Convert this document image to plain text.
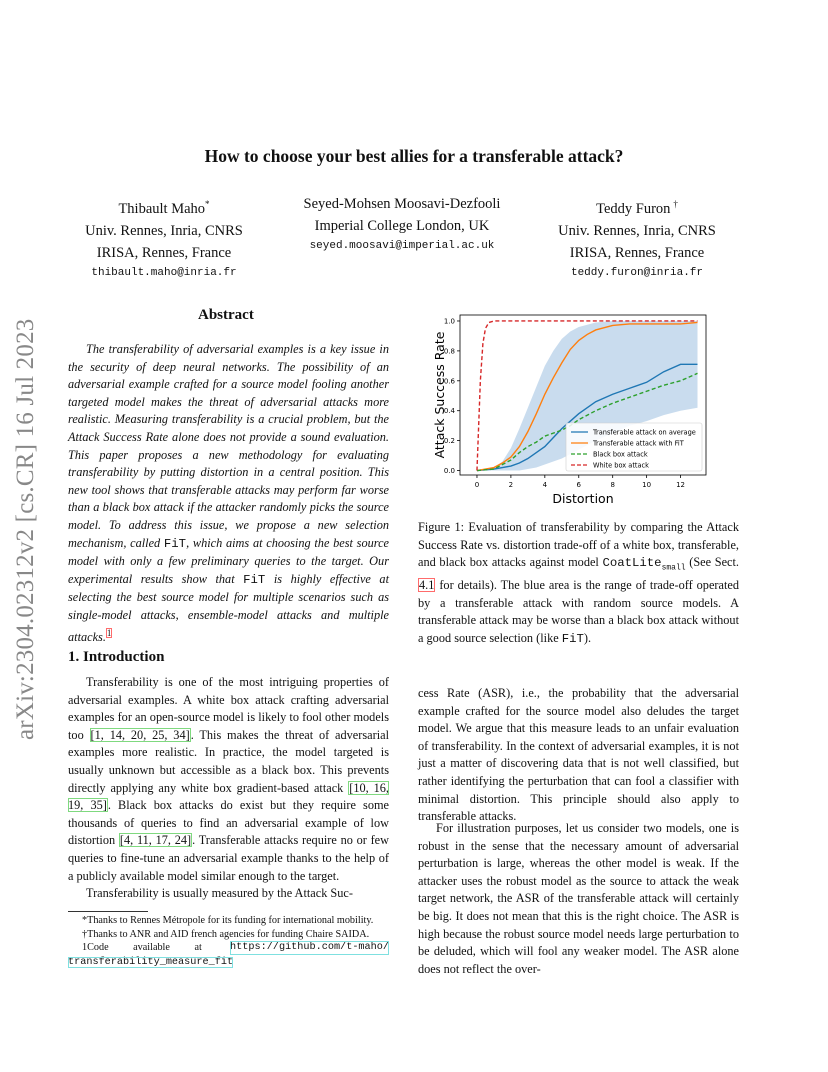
arXiv:2304.02312v2 [cs.CR] 16 Jul 2023
How to choose your best allies for a transferable attack?
Thibault Maho*
Univ. Rennes, Inria, CNRS
IRISA, Rennes, France
thibault.maho@inria.fr
Seyed-Mohsen Moosavi-Dezfooli
Imperial College London, UK
seyed.moosavi@imperial.ac.uk
Teddy Furon †
Univ. Rennes, Inria, CNRS
IRISA, Rennes, France
teddy.furon@inria.fr
Abstract
The transferability of adversarial examples is a key issue in the security of deep neural networks. The possibility of an adversarial example crafted for a source model fooling another targeted model makes the threat of adversarial attacks more realistic. Measuring transferability is a crucial problem, but the Attack Success Rate alone does not provide a sound evaluation. This paper proposes a new methodology for evaluating transferability by putting distortion in a central position. This new tool shows that transferable attacks may perform far worse than a black box attack if the attacker randomly picks the source model. To address this issue, we propose a new selection mechanism, called FiT, which aims at choosing the best source model with only a few preliminary queries to the target. Our experimental results show that FiT is highly effective at selecting the best source model for multiple scenarios such as single-model attacks, ensemble-model attacks and multiple attacks.$^1$
1. Introduction
Transferability is one of the most intriguing properties of adversarial examples. A white box attack crafting adversarial examples for an open-source model is likely to fool other models too [1, 14, 20, 25, 34]. This makes the threat of adversarial examples more realistic. In practice, the model targeted is usually unknown but accessible as a black box. This prevents directly applying any white box gradient-based attack [10, 16, 19, 35]. Black box attacks do exist but they require some thousands of queries to find an adversarial example of low distortion [4, 11, 17, 24]. Transferable attacks require no or few queries to fine-tune an adversarial example thanks to the help of a publicly available model similar enough to the target.
Transferability is usually measured by the Attack Suc-
*Thanks to Rennes Métropole for its funding for international mobility.
†Thanks to ANR and AID french agencies for funding Chaire SAIDA.
1Code available at	https://github.com/t-maho/
transferability_measure_fit
0	2	4	6	8	10	12
0.0
0.2
0.4
0.6
0.8
1.0
Distortion
Attack Success Rate	Transferable attack on average
Transferable attack with FiT
Black box attack
White box attack
Figure 1: Evaluation of transferability by comparing the Attack Success Rate vs. distortion trade-off of a white box, transferable, and black box attacks against model CoatLite$_{small}$ (See Sect. 4.1 for details). The blue area is the range of trade-off operated by a transferable attack with random source models. A transferable attack may be worse than a black box attack without a good source selection (like FiT).
cess Rate (ASR), i.e., the probability that the adversarial example crafted for the source model also deludes the target model. We argue that this measure leads to an unfair evaluation of transferability. In the context of adversarial examples, it is not just a matter of discovering data that is not well classified, but rather identifying the perturbation that can fool a classifier with minimal distortion. This principle should also apply to transferable attacks.
For illustration purposes, let us consider two models, one is robust in the sense that the necessary amount of adversarial perturbation is large, whereas the other model is weak. If the attacker uses the robust model as the source to attack the weak target network, the ASR of the transferable attack will certainly be big. It does not mean that this is the right choice. The ASR is high because the robust source model needs large perturbation to be deluded, which will fool any weaker model. The ASR alone does not reflect the over-
